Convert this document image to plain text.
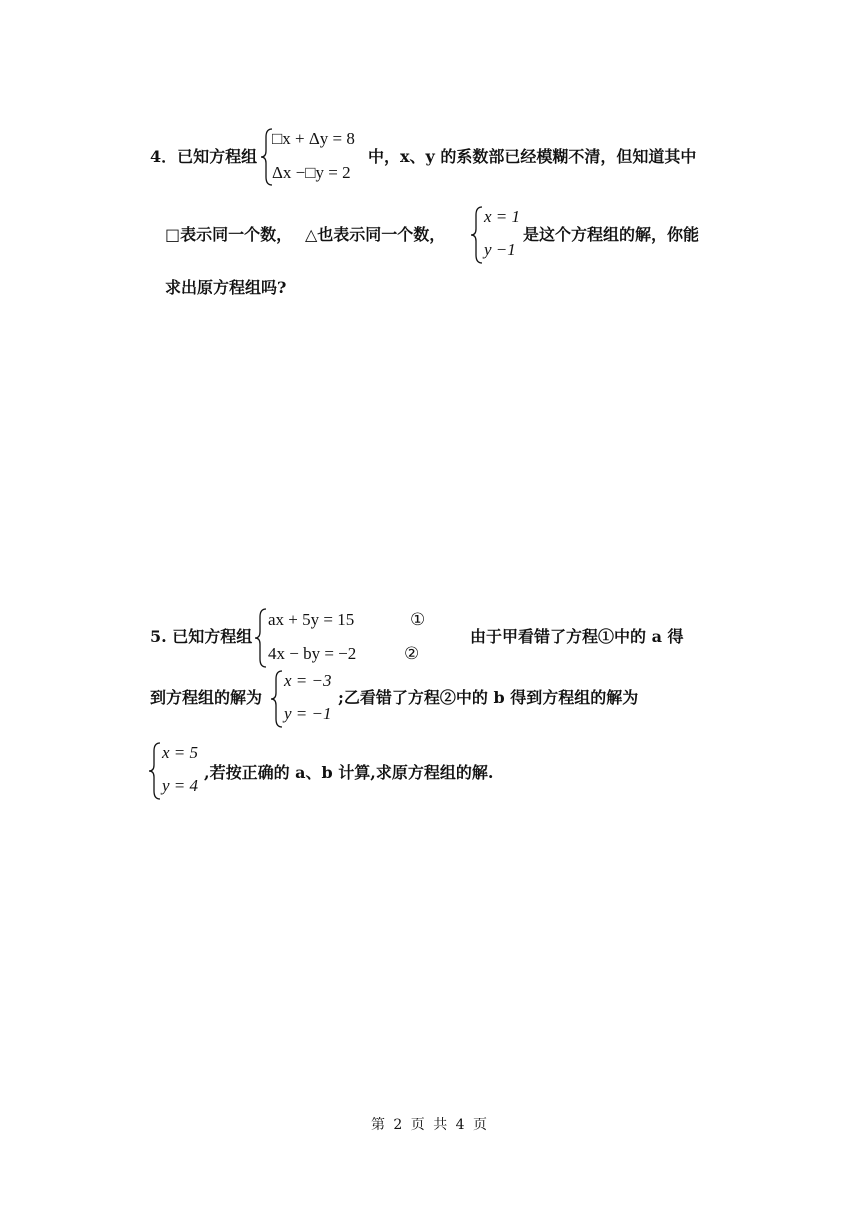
4．已知方程组
□x + Δy = 8
Δx −□y = 2
中，x、y 的系数部已经模糊不清，但知道其中
□表示同一个数， △也表示同一个数，
x = 1
y −1
是这个方程组的解，你能
求出原方程组吗?
5. 已知方程组
ax + 5y = 15
4x − by = −2
①
②
由于甲看错了方程①中的 a 得
到方程组的解为
x = −3
y = −1
;乙看错了方程②中的 b 得到方程组的解为
x = 5
y = 4
,若按正确的 a、b 计算,求原方程组的解.
第 2 页 共 4 页
